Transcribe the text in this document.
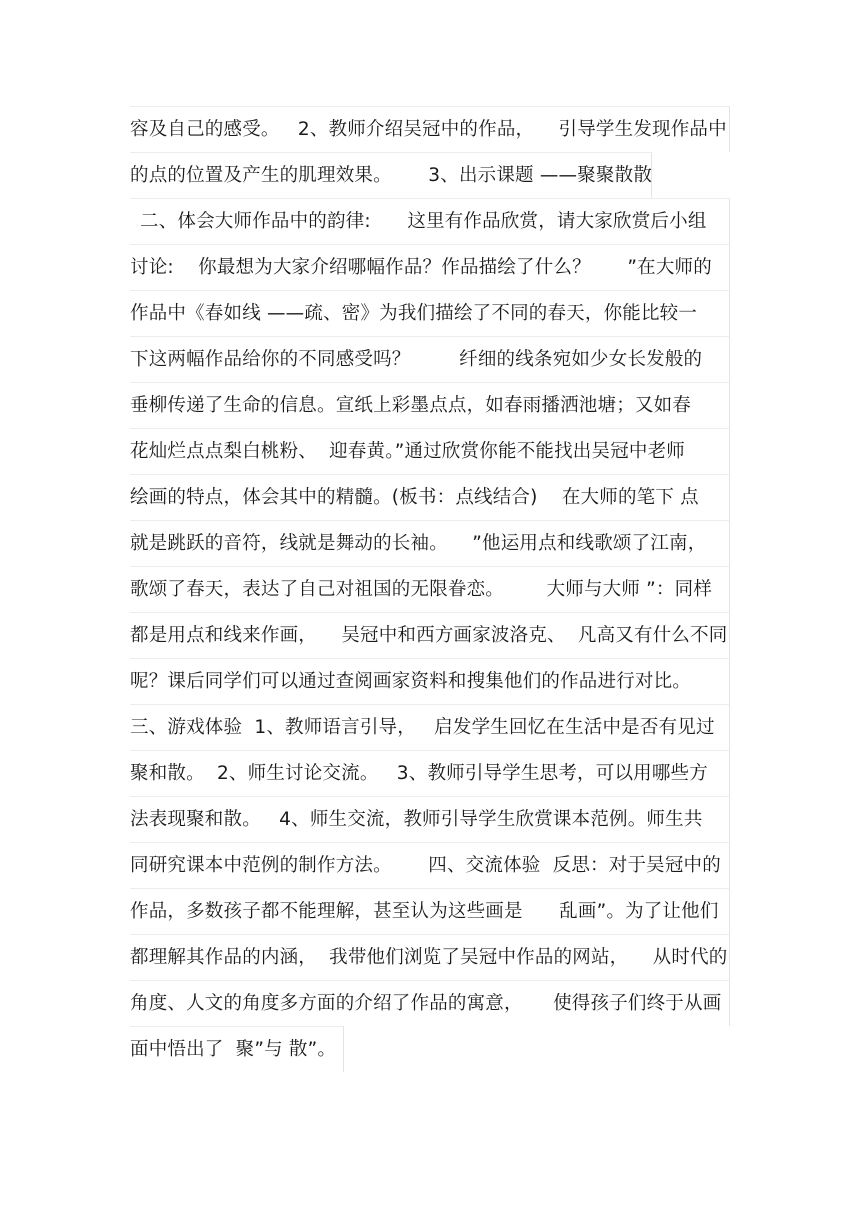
容及自己的感受。   2、教师介绍吴冠中的作品，    引导学生发现作品中
的点的位置及产生的肌理效果。      3、出示课题 ——聚聚散散
二、体会大师作品中的韵律:      这里有作品欣赏，请大家欣赏后小组
讨论:    你最想为大家介绍哪幅作品？作品描绘了什么？      ”在大师的
作品中《春如线 ——疏、密》为我们描绘了不同的春天，你能比较一
下这两幅作品给你的不同感受吗？        纤细的线条宛如少女长发般的
垂柳传递了生命的信息。宣纸上彩墨点点，如春雨播洒池塘；又如春
花灿烂点点梨白桃粉、  迎春黄。”通过欣赏你能不能找出吴冠中老师
绘画的特点，体会其中的精髓。(板书：点线结合)    在大师的笔下 点
就是跳跃的音符，线就是舞动的长袖。    ”他运用点和线歌颂了江南，
歌颂了春天，表达了自己对祖国的无限眷恋。       大师与大师 ”：同样
都是用点和线来作画，    吴冠中和西方画家波洛克、  凡高又有什么不同
呢？课后同学们可以通过查阅画家资料和搜集他们的作品进行对比。
三、游戏体验  1、教师语言引导，   启发学生回忆在生活中是否有见过
聚和散。  2、师生讨论交流。   3、教师引导学生思考，可以用哪些方
法表现聚和散。   4、师生交流，教师引导学生欣赏课本范例。师生共
同研究课本中范例的制作方法。      四、交流体验  反思：对于吴冠中的
作品，多数孩子都不能理解，甚至认为这些画是      乱画”。为了让他们
都理解其作品的内涵，  我带他们浏览了吴冠中作品的网站，    从时代的
角度、人文的角度多方面的介绍了作品的寓意，     使得孩子们终于从画
面中悟出了  聚”与 散”。
